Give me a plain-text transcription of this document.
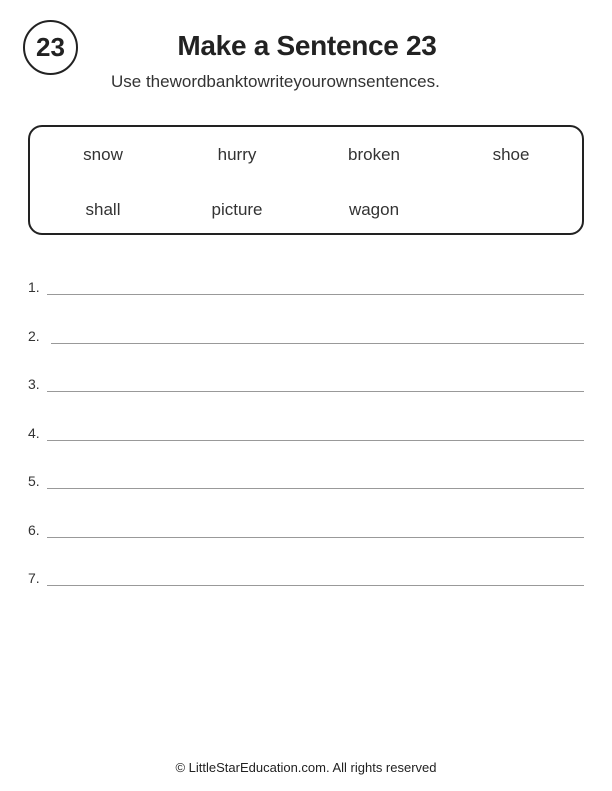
23	Make a Sentence 23
Use thewordbanktowriteyourownsentences.
snow	hurry	broken	shoe
shall	picture	wagon
1.
2.
3.
4.
5.
6.
7.
© LittleStarEducation.com. All rights reserved
